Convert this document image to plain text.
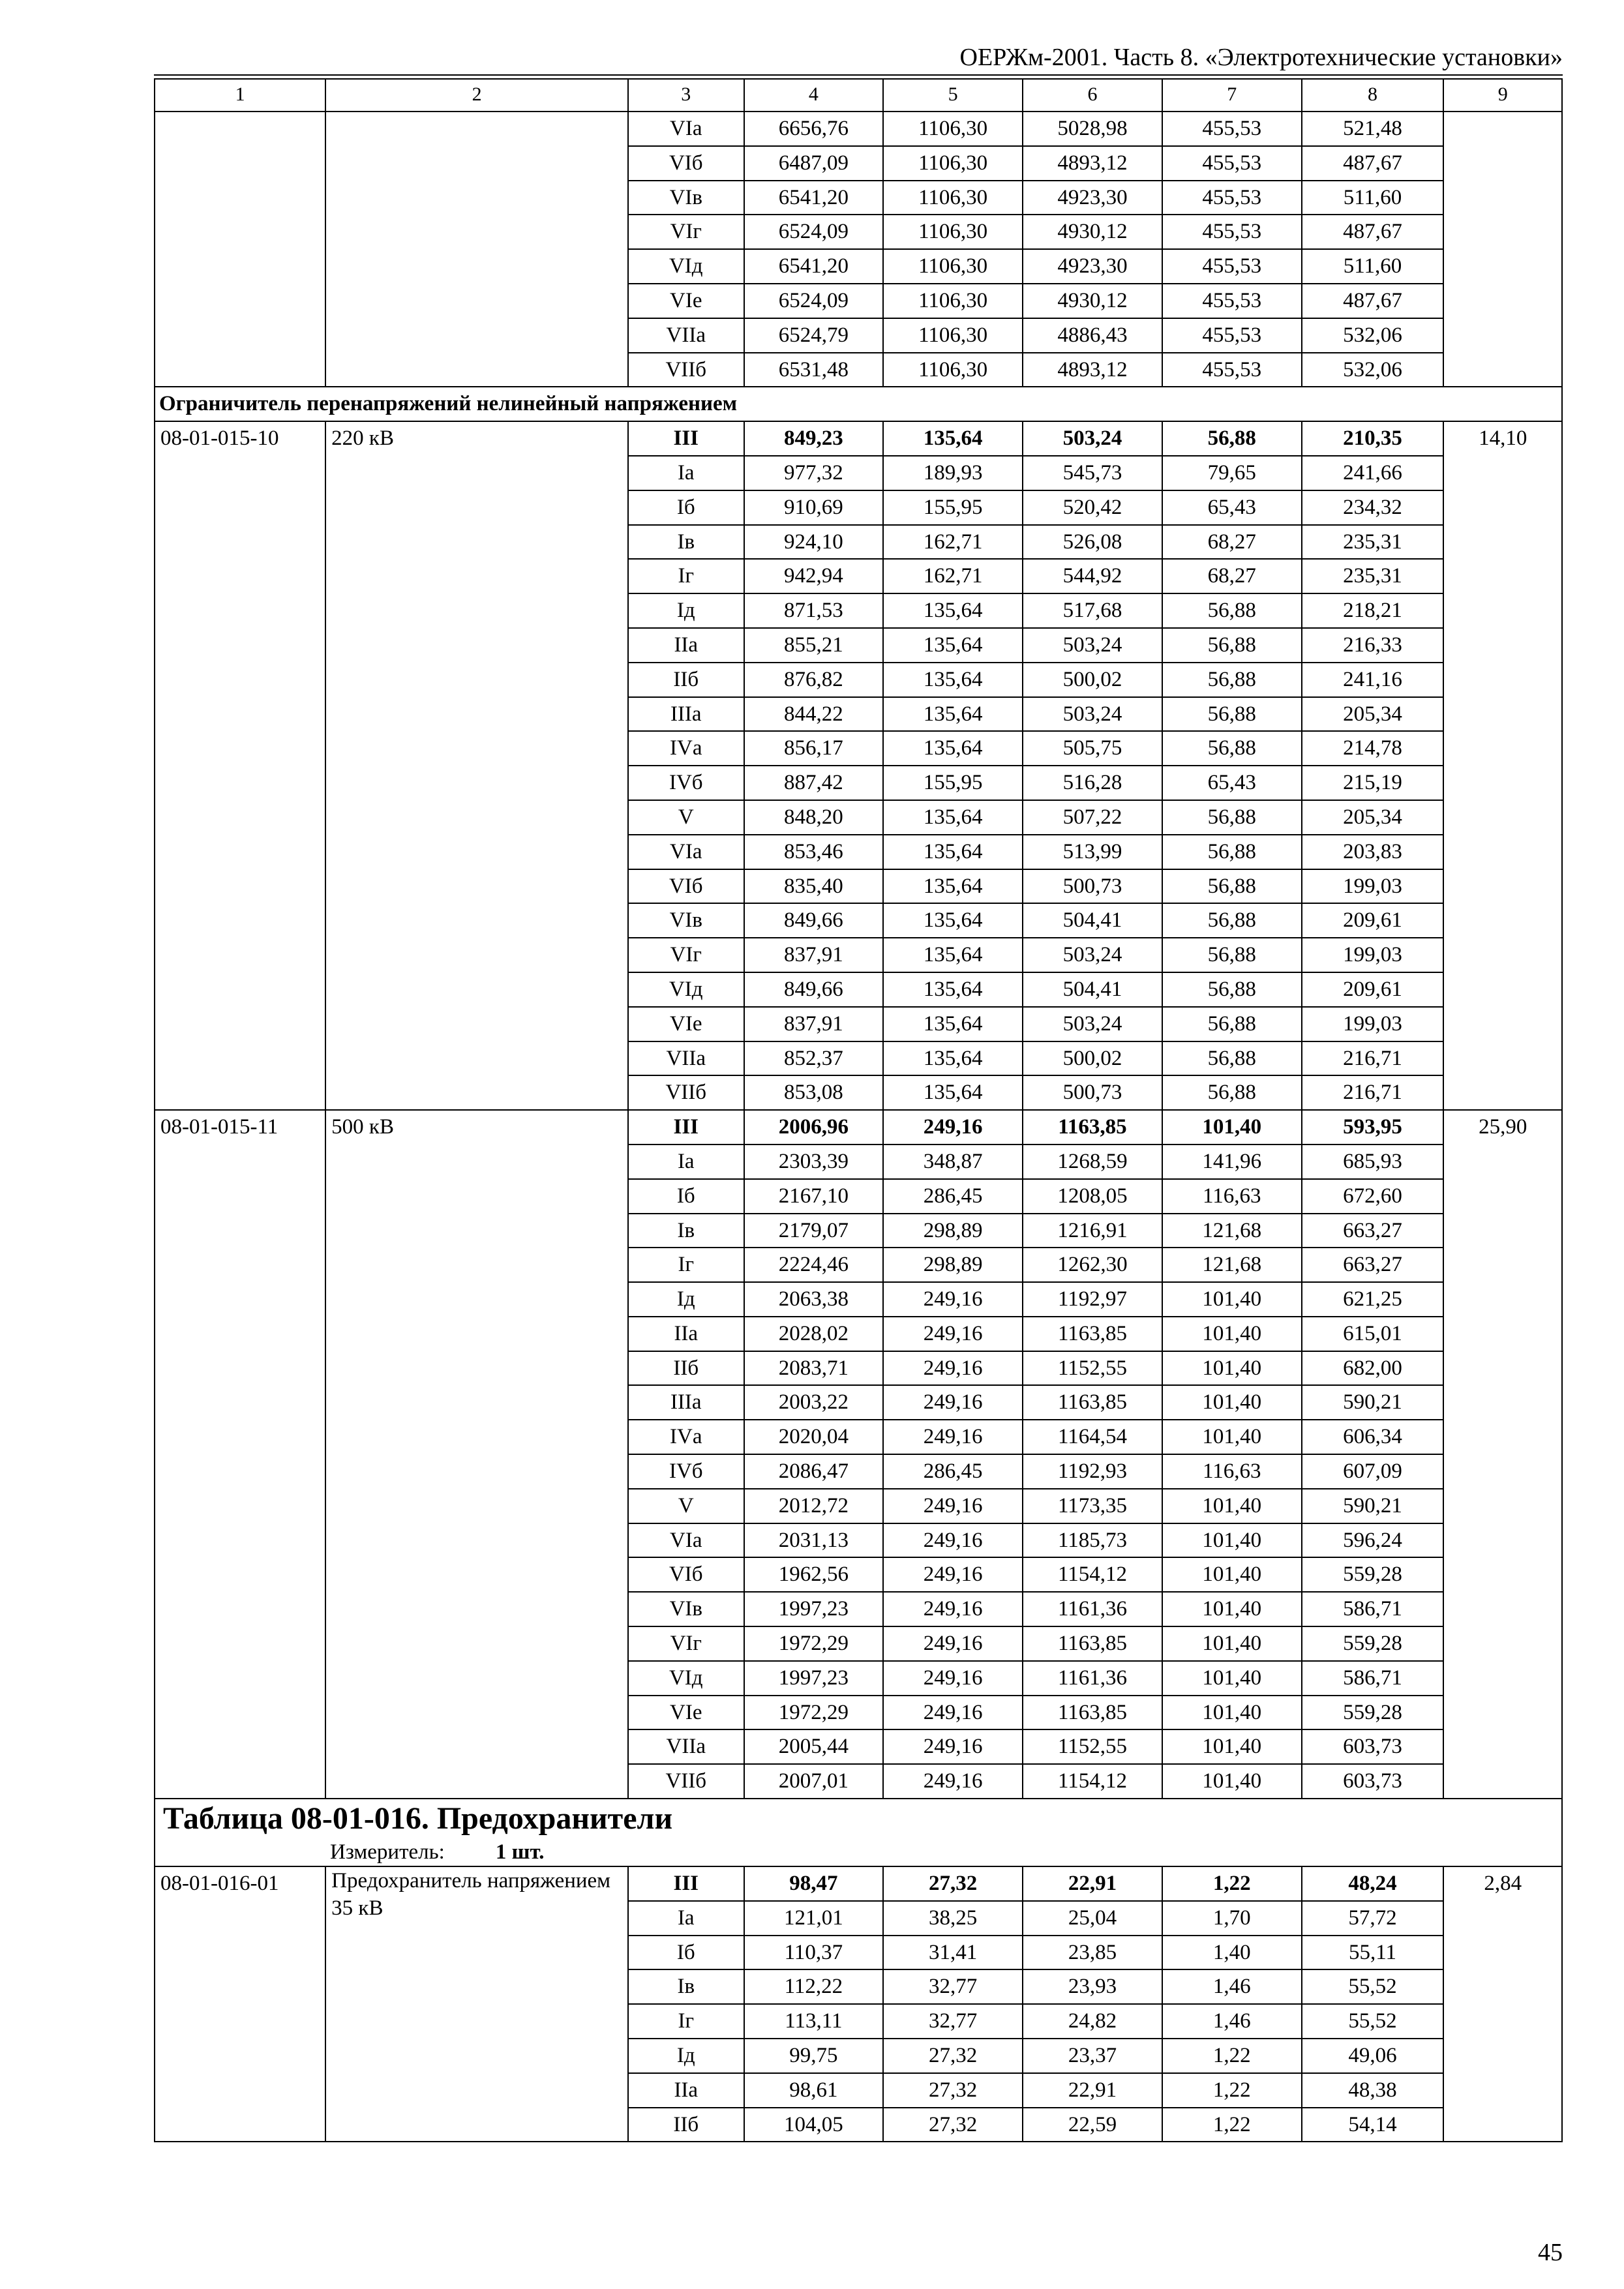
ОЕРЖм-2001. Часть 8. «Электротехнические установки»
1	2	3	4	5	6	7	8	9
		VIа	6656,76	1106,30	5028,98	455,53	521,48	
		VIб	6487,09	1106,30	4893,12	455,53	487,67	
		VIв	6541,20	1106,30	4923,30	455,53	511,60	
		VIг	6524,09	1106,30	4930,12	455,53	487,67	
		VIд	6541,20	1106,30	4923,30	455,53	511,60	
		VIе	6524,09	1106,30	4930,12	455,53	487,67	
		VIIа	6524,79	1106,30	4886,43	455,53	532,06	
		VIIб	6531,48	1106,30	4893,12	455,53	532,06	
Ограничитель перенапряжений нелинейный напряжением								
08-01-015-10	220 кВ	III	849,23	135,64	503,24	56,88	210,35	14,10
		Iа	977,32	189,93	545,73	79,65	241,66	
		Iб	910,69	155,95	520,42	65,43	234,32	
		Iв	924,10	162,71	526,08	68,27	235,31	
		Iг	942,94	162,71	544,92	68,27	235,31	
		Iд	871,53	135,64	517,68	56,88	218,21	
		IIа	855,21	135,64	503,24	56,88	216,33	
		IIб	876,82	135,64	500,02	56,88	241,16	
		IIIа	844,22	135,64	503,24	56,88	205,34	
		IVа	856,17	135,64	505,75	56,88	214,78	
		IVб	887,42	155,95	516,28	65,43	215,19	
		V	848,20	135,64	507,22	56,88	205,34	
		VIа	853,46	135,64	513,99	56,88	203,83	
		VIб	835,40	135,64	500,73	56,88	199,03	
		VIв	849,66	135,64	504,41	56,88	209,61	
		VIг	837,91	135,64	503,24	56,88	199,03	
		VIд	849,66	135,64	504,41	56,88	209,61	
		VIе	837,91	135,64	503,24	56,88	199,03	
		VIIа	852,37	135,64	500,02	56,88	216,71	
		VIIб	853,08	135,64	500,73	56,88	216,71	
08-01-015-11	500 кВ	III	2006,96	249,16	1163,85	101,40	593,95	25,90
		Iа	2303,39	348,87	1268,59	141,96	685,93	
		Iб	2167,10	286,45	1208,05	116,63	672,60	
		Iв	2179,07	298,89	1216,91	121,68	663,27	
		Iг	2224,46	298,89	1262,30	121,68	663,27	
		Iд	2063,38	249,16	1192,97	101,40	621,25	
		IIа	2028,02	249,16	1163,85	101,40	615,01	
		IIб	2083,71	249,16	1152,55	101,40	682,00	
		IIIа	2003,22	249,16	1163,85	101,40	590,21	
		IVа	2020,04	249,16	1164,54	101,40	606,34	
		IVб	2086,47	286,45	1192,93	116,63	607,09	
		V	2012,72	249,16	1173,35	101,40	590,21	
		VIа	2031,13	249,16	1185,73	101,40	596,24	
		VIб	1962,56	249,16	1154,12	101,40	559,28	
		VIв	1997,23	249,16	1161,36	101,40	586,71	
		VIг	1972,29	249,16	1163,85	101,40	559,28	
		VIд	1997,23	249,16	1161,36	101,40	586,71	
		VIе	1972,29	249,16	1163,85	101,40	559,28	
		VIIа	2005,44	249,16	1152,55	101,40	603,73	
		VIIб	2007,01	249,16	1154,12	101,40	603,73	

Таблица 08-01-016. Предохранители
Измеритель: 1 шт.								

08-01-016-01	Предохранитель напряжением 35 кВ	III	98,47	27,32	22,91	1,22	48,24	2,84
		Iа	121,01	38,25	25,04	1,70	57,72	
		Iб	110,37	31,41	23,85	1,40	55,11	
		Iв	112,22	32,77	23,93	1,46	55,52	
		Iг	113,11	32,77	24,82	1,46	55,52	
		Iд	99,75	27,32	23,37	1,22	49,06	
		IIа	98,61	27,32	22,91	1,22	48,38	
		IIб	104,05	27,32	22,59	1,22	54,14	
45
